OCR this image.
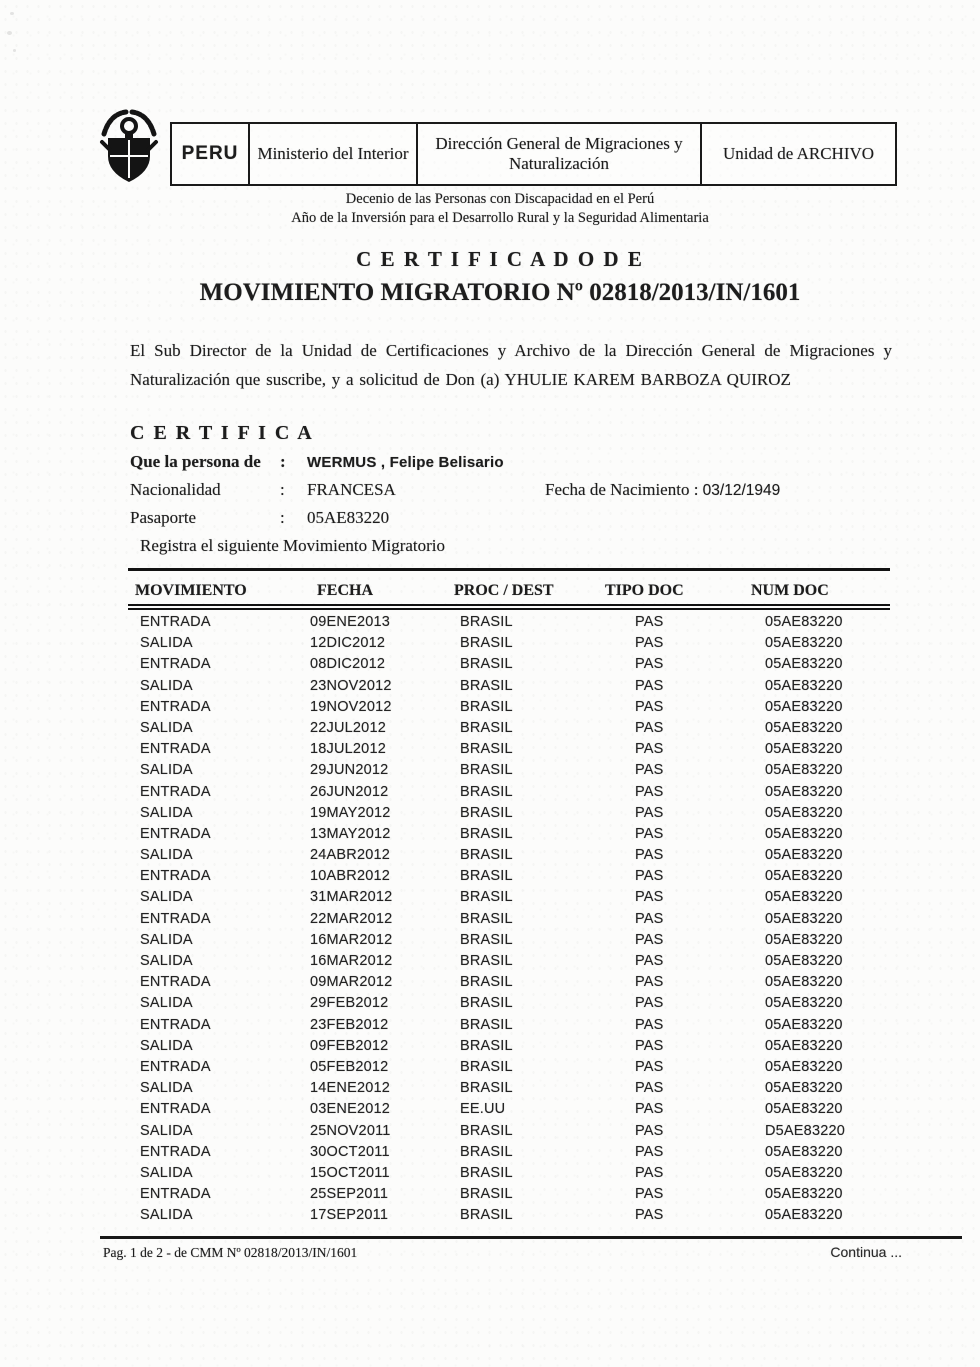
PERU	Ministerio del Interior
Dirección General de Migraciones y Naturalización
Unidad de ARCHIVO
Decenio de las Personas con Discapacidad en el Perú
Año de la Inversión para el Desarrollo Rural y la Seguridad Alimentaria
C E R T I F I C A D O D E
MOVIMIENTO MIGRATORIO Nº 02818/2013/IN/1601
El Sub Director de la Unidad de Certificaciones y Archivo de la Dirección General de Migraciones y Naturalización que suscribe, y a solicitud de Don (a) YHULIE KAREM BARBOZA QUIROZ
C E R T I F I C A
Que la persona de : WERMUS , Felipe Belisario
Nacionalidad	: FRANCESA	Fecha de Nacimiento : 03/12/1949
Pasaporte	: 05AE83220
Registra el siguiente Movimiento Migratorio
MOVIMIENTO	FECHA	PROC / DEST	TIPO DOC	NUM DOC
ENTRADA	09ENE2013	BRASIL	PAS	05AE83220
SALIDA	12DIC2012	BRASIL	PAS	05AE83220
ENTRADA	08DIC2012	BRASIL	PAS	05AE83220
SALIDA	23NOV2012	BRASIL	PAS	05AE83220
ENTRADA	19NOV2012	BRASIL	PAS	05AE83220
SALIDA	22JUL2012	BRASIL	PAS	05AE83220
ENTRADA	18JUL2012	BRASIL	PAS	05AE83220
SALIDA	29JUN2012	BRASIL	PAS	05AE83220
ENTRADA	26JUN2012	BRASIL	PAS	05AE83220
SALIDA	19MAY2012	BRASIL	PAS	05AE83220
ENTRADA	13MAY2012	BRASIL	PAS	05AE83220
SALIDA	24ABR2012	BRASIL	PAS	05AE83220
ENTRADA	10ABR2012	BRASIL	PAS	05AE83220
SALIDA	31MAR2012	BRASIL	PAS	05AE83220
ENTRADA	22MAR2012	BRASIL	PAS	05AE83220
SALIDA	16MAR2012	BRASIL	PAS	05AE83220
SALIDA	16MAR2012	BRASIL	PAS	05AE83220
ENTRADA	09MAR2012	BRASIL	PAS	05AE83220
SALIDA	29FEB2012	BRASIL	PAS	05AE83220
ENTRADA	23FEB2012	BRASIL	PAS	05AE83220
SALIDA	09FEB2012	BRASIL	PAS	05AE83220
ENTRADA	05FEB2012	BRASIL	PAS	05AE83220
SALIDA	14ENE2012	BRASIL	PAS	05AE83220
ENTRADA	03ENE2012	EE.UU	PAS	05AE83220
SALIDA	25NOV2011	BRASIL	PAS	D5AE83220
ENTRADA	30OCT2011	BRASIL	PAS	05AE83220
SALIDA	15OCT2011	BRASIL	PAS	05AE83220
ENTRADA	25SEP2011	BRASIL	PAS	05AE83220
SALIDA	17SEP2011	BRASIL	PAS	05AE83220
Pag. 1 de 2 - de CMM Nº 02818/2013/IN/1601	Continua ...
